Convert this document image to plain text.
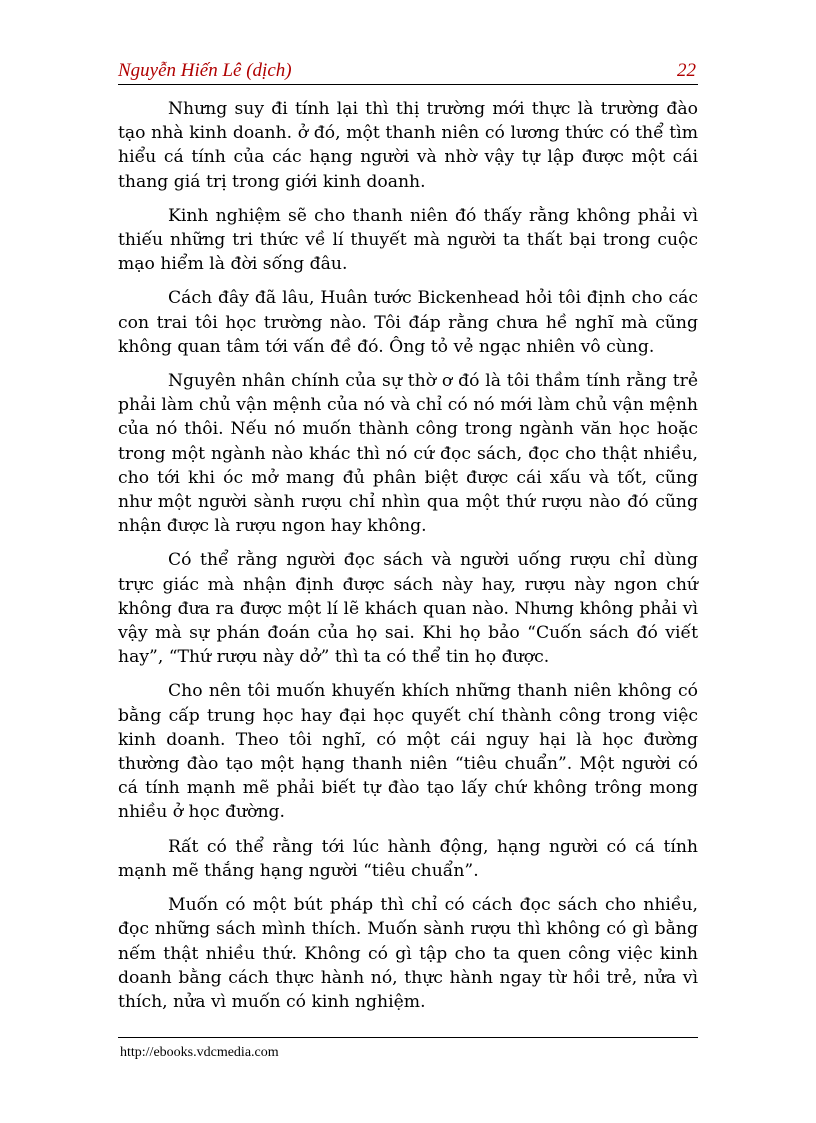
Nguyễn Hiến Lê (dịch)	22

Nhưng suy đi tính lại thì thị trường mới thực là trường đào tạo nhà kinh doanh. ở đó, một thanh niên có lương thức có thể tìm hiểu cá tính của các hạng người và nhờ vậy tự lập được một cái thang giá trị trong giới kinh doanh.

Kinh nghiệm sẽ cho thanh niên đó thấy rằng không phải vì thiếu những tri thức về lí thuyết mà người ta thất bại trong cuộc mạo hiểm là đời sống đâu.

Cách đây đã lâu, Huân tước Bickenhead hỏi tôi định cho các con trai tôi học trường nào. Tôi đáp rằng chưa hề nghĩ mà cũng không quan tâm tới vấn đề đó. Ông tỏ vẻ ngạc nhiên vô cùng.

Nguyên nhân chính của sự thờ ơ đó là tôi thầm tính rằng trẻ phải làm chủ vận mệnh của nó và chỉ có nó mới làm chủ vận mệnh của nó thôi. Nếu nó muốn thành công trong ngành văn học hoặc trong một ngành nào khác thì nó cứ đọc sách, đọc cho thật nhiều, cho tới khi óc mở mang đủ phân biệt được cái xấu và tốt, cũng như một người sành rượu chỉ nhìn qua một thứ rượu nào đó cũng nhận được là rượu ngon hay không.

Có thể rằng người đọc sách và người uống rượu chỉ dùng trực giác mà nhận định được sách này hay, rượu này ngon chứ không đưa ra được một lí lẽ khách quan nào. Nhưng không phải vì vậy mà sự phán đoán của họ sai. Khi họ bảo “Cuốn sách đó viết hay”, “Thứ rượu này dở” thì ta có thể tin họ được.

Cho nên tôi muốn khuyến khích những thanh niên không có bằng cấp trung học hay đại học quyết chí thành công trong việc kinh doanh. Theo tôi nghĩ, có một cái nguy hại là học đường thường đào tạo một hạng thanh niên “tiêu chuẩn”. Một người có cá tính mạnh mẽ phải biết tự đào tạo lấy chứ không trông mong nhiều ở học đường.

Rất có thể rằng tới lúc hành động, hạng người có cá tính mạnh mẽ thắng hạng người “tiêu chuẩn”.

Muốn có một bút pháp thì chỉ có cách đọc sách cho nhiều, đọc những sách mình thích. Muốn sành rượu thì không có gì bằng nếm thật nhiều thứ. Không có gì tập cho ta quen công việc kinh doanh bằng cách thực hành nó, thực hành ngay từ hồi trẻ, nửa vì thích, nửa vì muốn có kinh nghiệm.

http://ebooks.vdcmedia.com
